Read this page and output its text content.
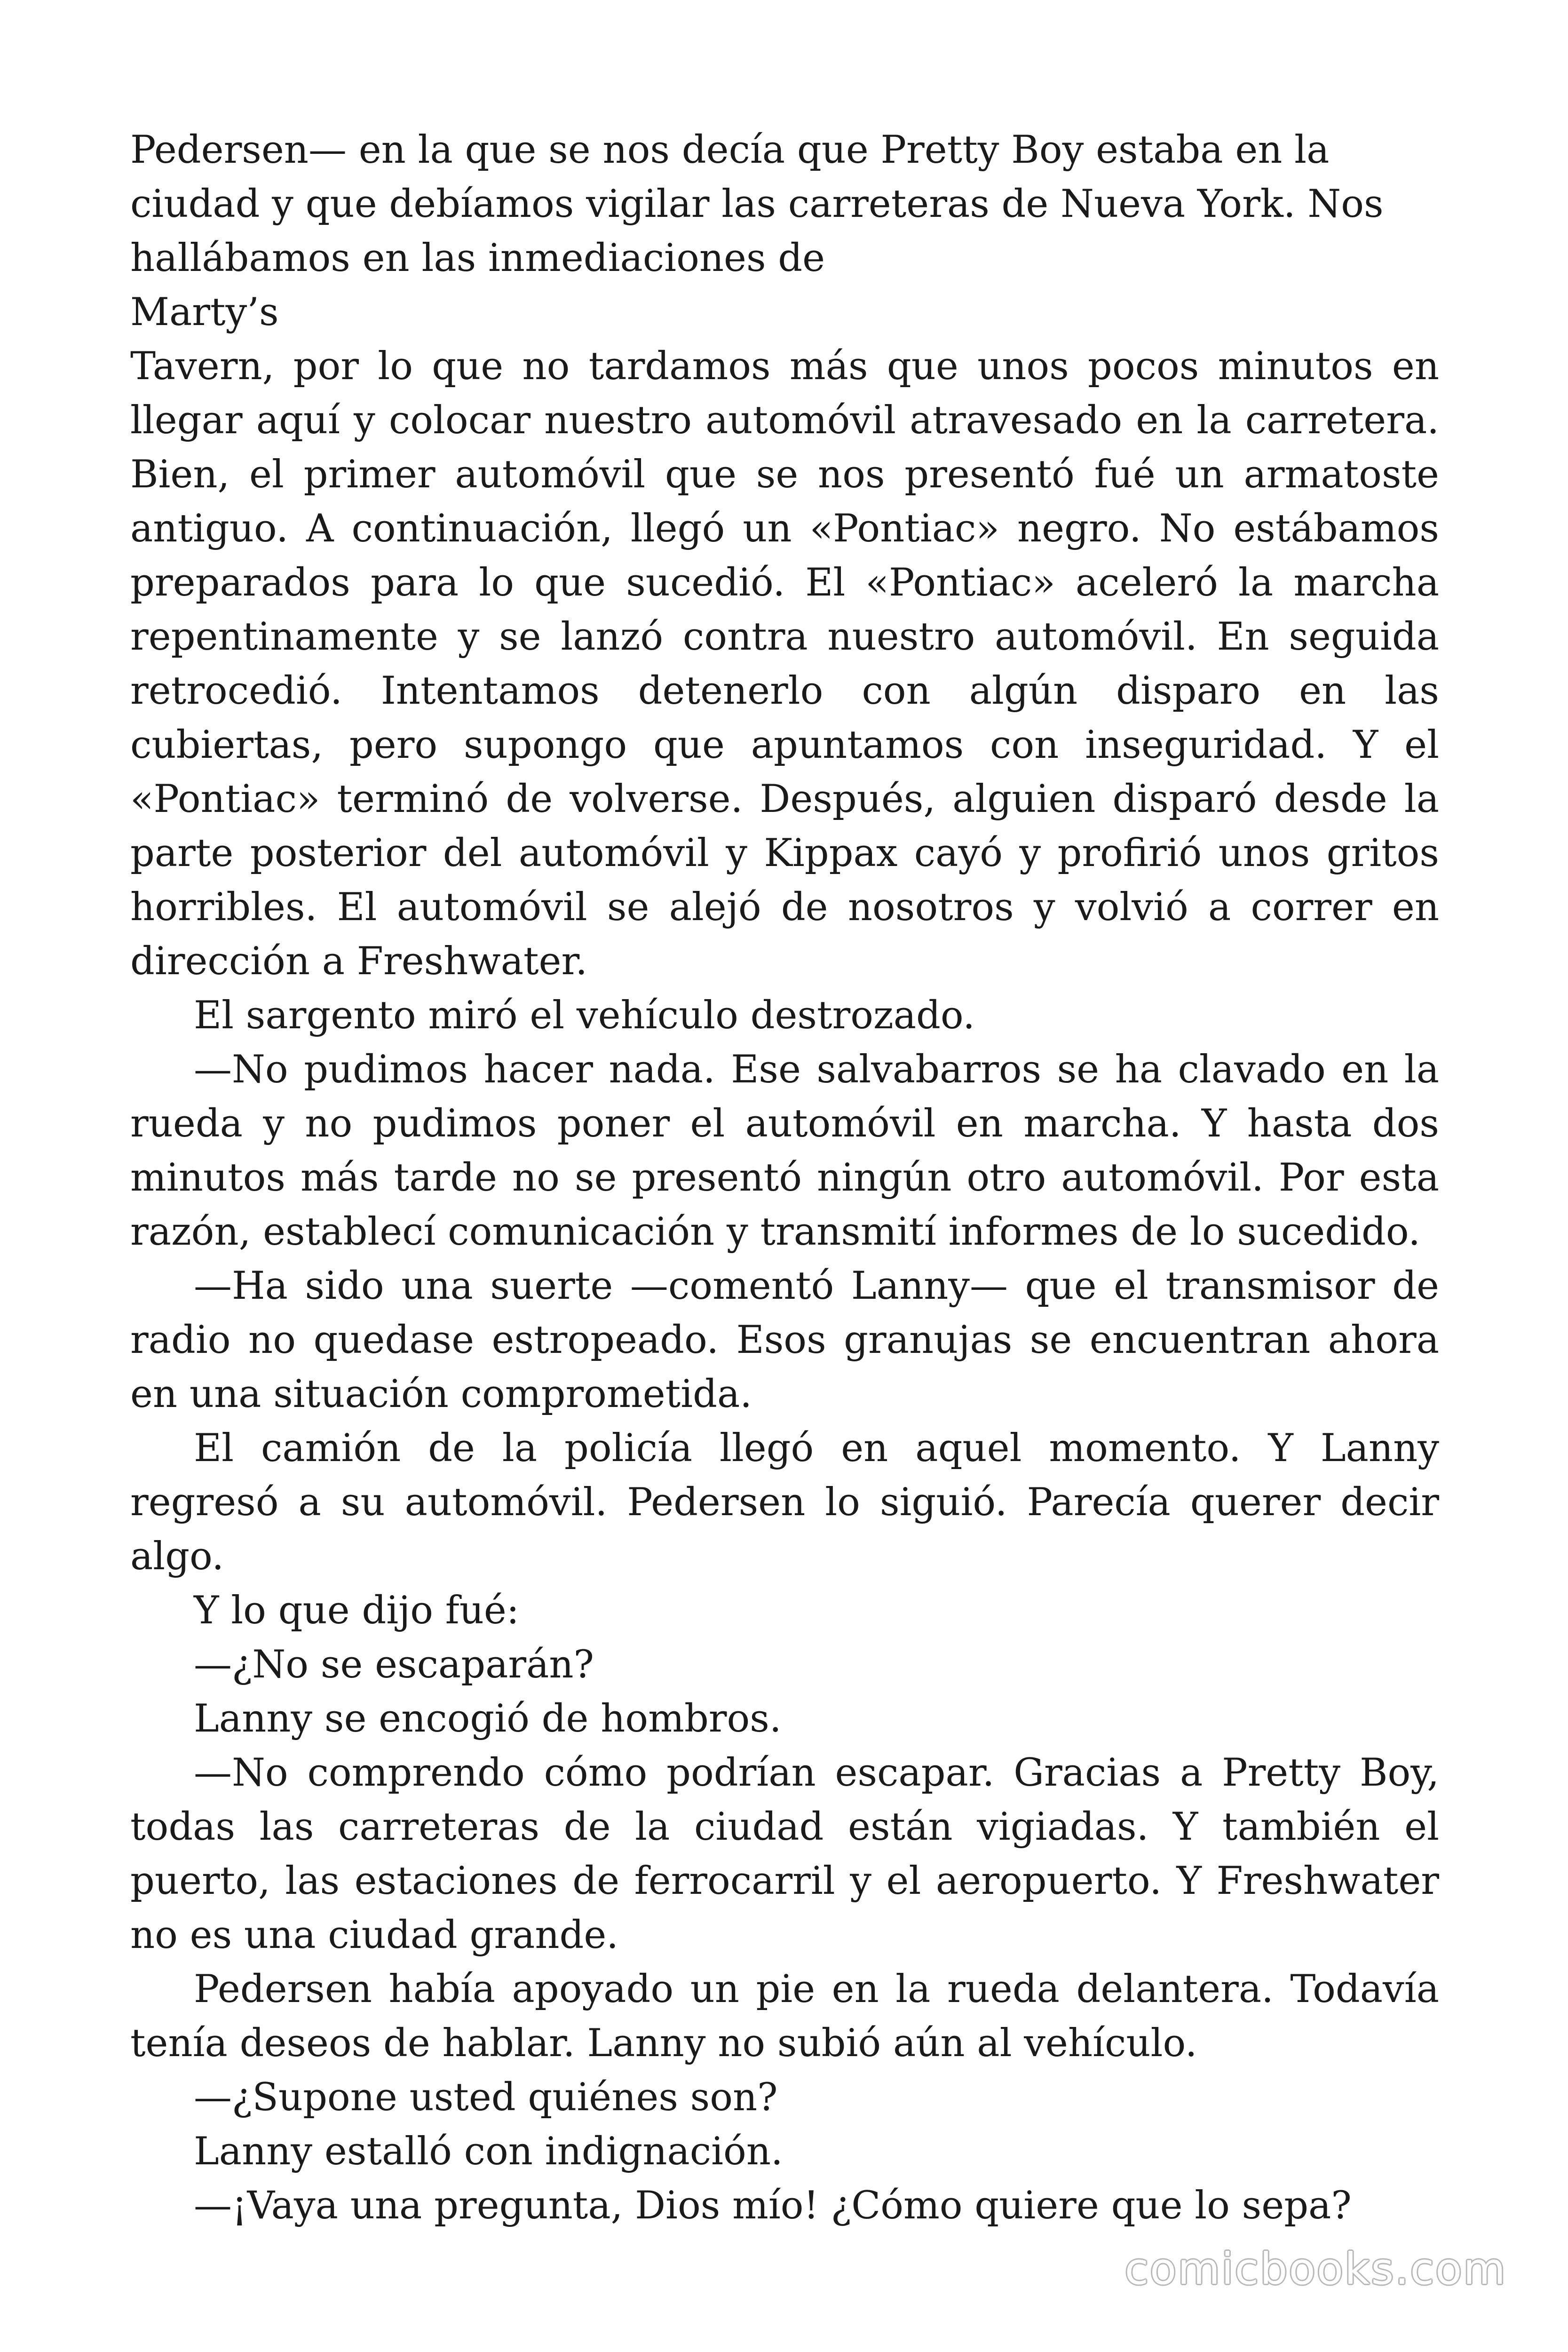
Pedersen— en la que se nos decía que Pretty Boy estaba en la ciudad y que debíamos vigilar las carreteras de Nueva York. Nos hallábamos en las inmediaciones de

Marty’s

Tavern, por lo que no tardamos más que unos pocos minutos en llegar aquí y colocar nuestro automóvil atravesado en la carretera. Bien, el primer automóvil que se nos presentó fué un armatoste antiguo. A continuación, llegó un «Pontiac» negro. No estábamos preparados para lo que sucedió. El «Pontiac» aceleró la marcha repentinamente y se lanzó contra nuestro automóvil. En seguida retrocedió. Intentamos detenerlo con algún disparo en las cubiertas, pero supongo que apuntamos con inseguridad. Y el «Pontiac» terminó de volverse. Después, alguien disparó desde la parte posterior del automóvil y Kippax cayó y profirió unos gritos horribles. El automóvil se alejó de nosotros y volvió a correr en dirección a Freshwater.

El sargento miró el vehículo destrozado.

—No pudimos hacer nada. Ese salvabarros se ha clavado en la rueda y no pudimos poner el automóvil en marcha. Y hasta dos minutos más tarde no se presentó ningún otro automóvil. Por esta razón, establecí comunicación y transmití informes de lo sucedido.

—Ha sido una suerte —comentó Lanny— que el transmisor de radio no quedase estropeado. Esos granujas se encuentran ahora en una situación comprometida.

El camión de la policía llegó en aquel momento. Y Lanny regresó a su automóvil. Pedersen lo siguió. Parecía querer decir algo.

Y lo que dijo fué:

—¿No se escaparán?

Lanny se encogió de hombros.

—No comprendo cómo podrían escapar. Gracias a Pretty Boy, todas las carreteras de la ciudad están vigiadas. Y también el puerto, las estaciones de ferrocarril y el aeropuerto. Y Freshwater no es una ciudad grande.

Pedersen había apoyado un pie en la rueda delantera. Todavía tenía deseos de hablar. Lanny no subió aún al vehículo.

—¿Supone usted quiénes son?

Lanny estalló con indignación.

—¡Vaya una pregunta, Dios mío! ¿Cómo quiere que lo sepa?

comicbooks.com
